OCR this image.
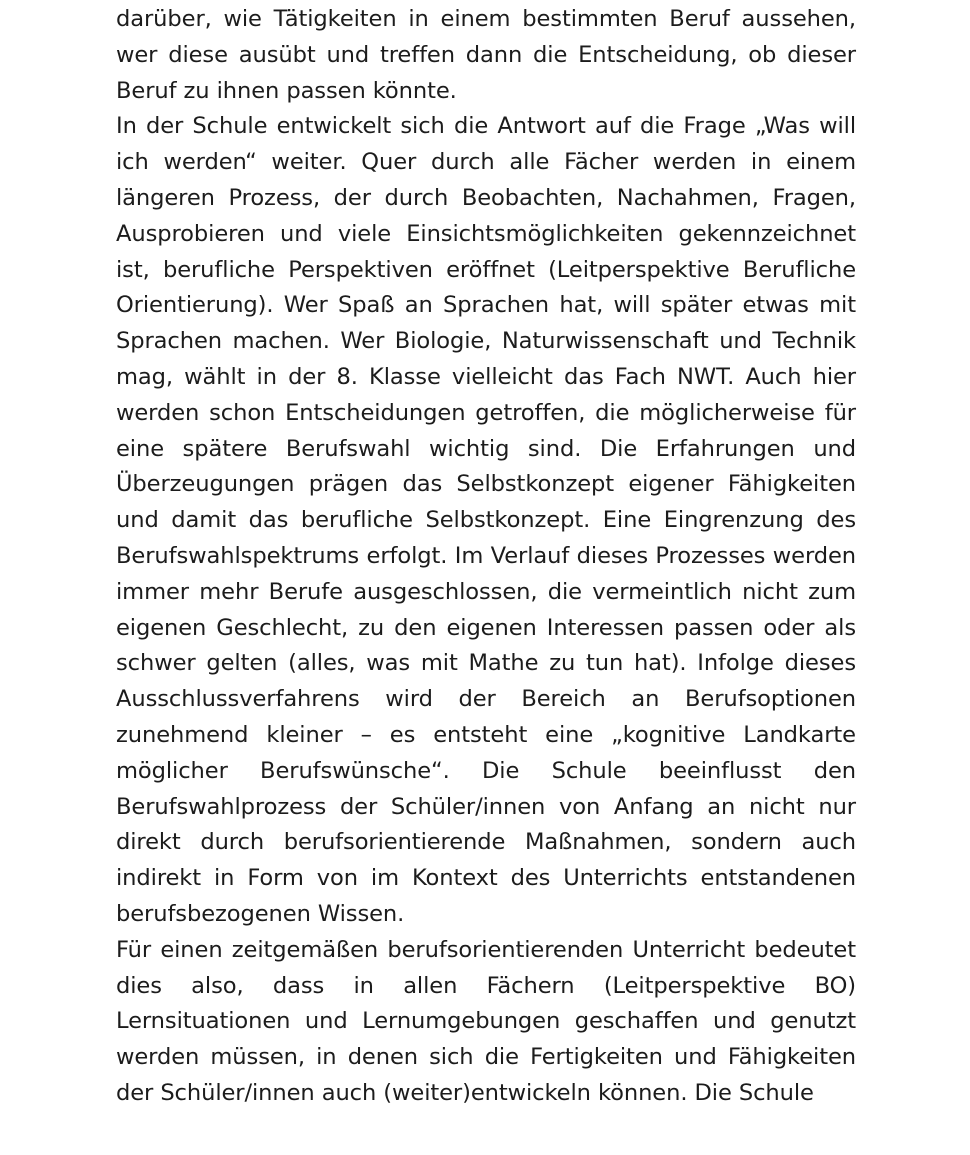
darüber, wie Tätigkeiten in einem bestimmten Beruf aussehen, wer diese ausübt und treffen dann die Entscheidung, ob dieser Beruf zu ihnen passen könnte.

In der Schule entwickelt sich die Antwort auf die Frage „Was will ich werden“ weiter. Quer durch alle Fächer werden in einem längeren Prozess, der durch Beobachten, Nachahmen, Fragen, Ausprobieren und viele Einsichtsmöglichkeiten gekennzeichnet ist, berufliche Perspektiven eröffnet (Leitperspektive Berufliche Orientierung). Wer Spaß an Sprachen hat, will später etwas mit Sprachen machen. Wer Biologie, Naturwissenschaft und Technik mag, wählt in der 8. Klasse vielleicht das Fach NWT. Auch hier werden schon Entscheidungen getroffen, die möglicherweise für eine spätere Berufswahl wichtig sind. Die Erfahrungen und Überzeugungen prägen das Selbstkonzept eigener Fähigkeiten und damit das berufliche Selbstkonzept. Eine Eingrenzung des Berufswahlspektrums erfolgt. Im Verlauf dieses Prozesses werden immer mehr Berufe ausgeschlossen, die vermeintlich nicht zum eigenen Geschlecht, zu den eigenen Interessen passen oder als schwer gelten (alles, was mit Mathe zu tun hat). Infolge dieses Ausschlussverfahrens wird der Bereich an Berufsoptionen zunehmend kleiner – es entsteht eine „kognitive Landkarte möglicher Berufswünsche“. Die Schule beeinflusst den Berufswahlprozess der Schüler/innen von Anfang an nicht nur direkt durch berufsorientierende Maßnahmen, sondern auch indirekt in Form von im Kontext des Unterrichts entstandenen berufsbezogenen Wissen.

Für einen zeitgemäßen berufsorientierenden Unterricht bedeutet dies also, dass in allen Fächern (Leitperspektive BO) Lernsituationen und Lernumgebungen geschaffen und genutzt werden müssen, in denen sich die Fertigkeiten und Fähigkeiten der Schüler/innen auch (weiter)entwickeln können. Die Schule
